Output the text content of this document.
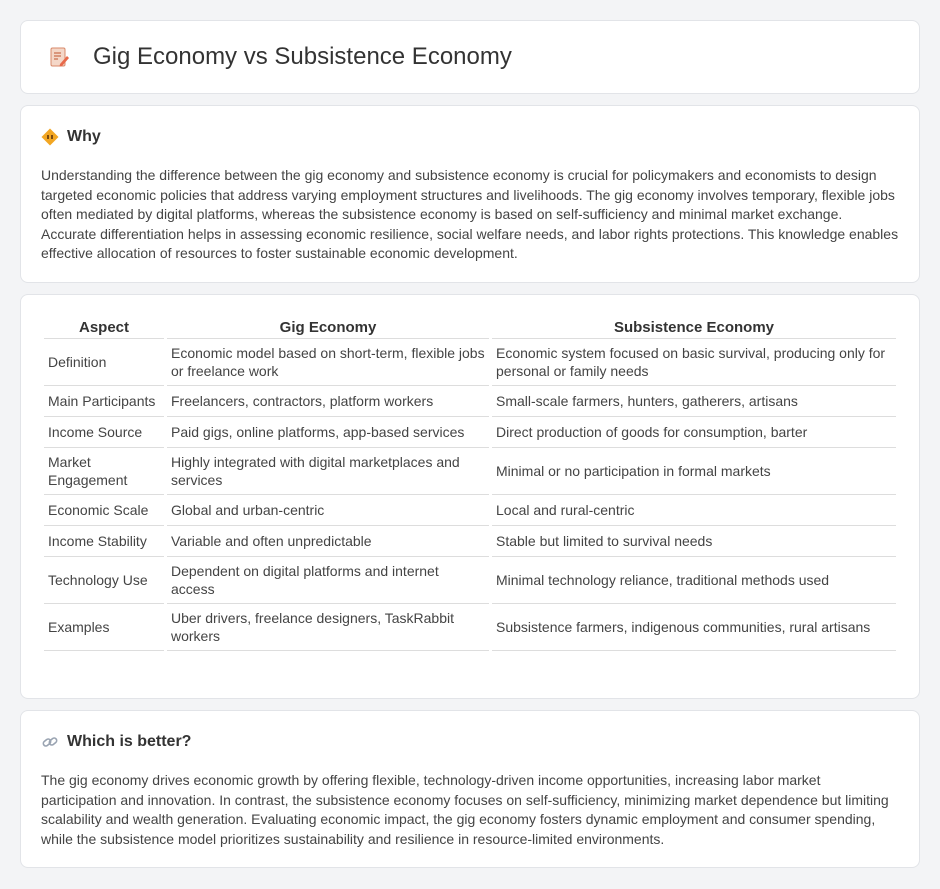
Gig Economy vs Subsistence Economy
Why

Understanding the difference between the gig economy and subsistence economy is crucial for policymakers and economists to design targeted economic policies that address varying employment structures and livelihoods. The gig economy involves temporary, flexible jobs often mediated by digital platforms, whereas the subsistence economy is based on self-sufficiency and minimal market exchange. Accurate differentiation helps in assessing economic resilience, social welfare needs, and labor rights protections. This knowledge enables effective allocation of resources to foster sustainable economic development.

Aspect	Gig Economy	Subsistence Economy
Definition	Economic model based on short-term, flexible jobs or freelance work	Economic system focused on basic survival, producing only for personal or family needs
Main Participants	Freelancers, contractors, platform workers	Small-scale farmers, hunters, gatherers, artisans
Income Source	Paid gigs, online platforms, app-based services	Direct production of goods for consumption, barter
Market Engagement	Highly integrated with digital marketplaces and services	Minimal or no participation in formal markets
Economic Scale	Global and urban-centric	Local and rural-centric
Income Stability	Variable and often unpredictable	Stable but limited to survival needs
Technology Use	Dependent on digital platforms and internet access	Minimal technology reliance, traditional methods used
Examples	Uber drivers, freelance designers, TaskRabbit workers	Subsistence farmers, indigenous communities, rural artisans
Which is better?

The gig economy drives economic growth by offering flexible, technology-driven income opportunities, increasing labor market participation and innovation. In contrast, the subsistence economy focuses on self-sufficiency, minimizing market dependence but limiting scalability and wealth generation. Evaluating economic impact, the gig economy fosters dynamic employment and consumer spending, while the subsistence model prioritizes sustainability and resilience in resource-limited environments.
